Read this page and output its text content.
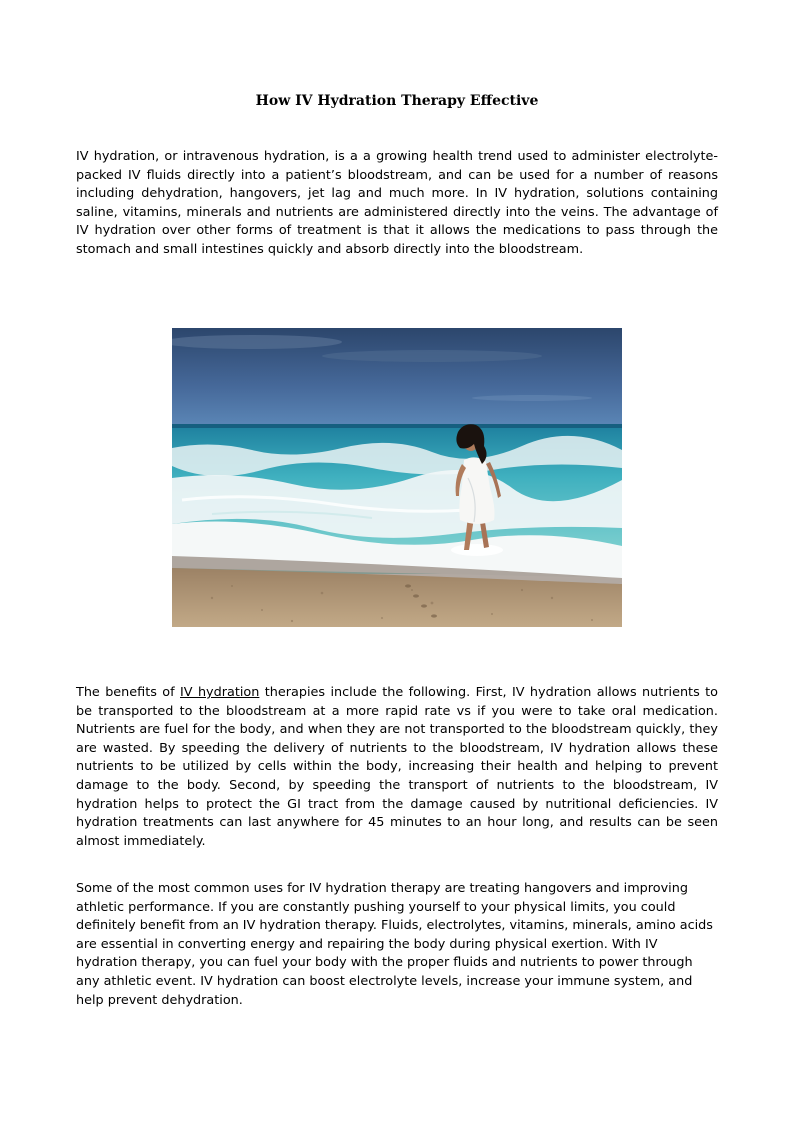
How IV Hydration Therapy Effective

IV hydration, or intravenous hydration, is a a growing health trend used to administer electrolyte-packed IV fluids directly into a patient’s bloodstream, and can be used for a number of reasons including dehydration, hangovers, jet lag and much more. In IV hydration, solutions containing saline, vitamins, minerals and nutrients are administered directly into the veins. The advantage of IV hydration over other forms of treatment is that it allows the medications to pass through the stomach and small intestines quickly and absorb directly into the bloodstream.

The benefits of IV hydration therapies include the following. First, IV hydration allows nutrients to be transported to the bloodstream at a more rapid rate vs if you were to take oral medication. Nutrients are fuel for the body, and when they are not transported to the bloodstream quickly, they are wasted. By speeding the delivery of nutrients to the bloodstream, IV hydration allows these nutrients to be utilized by cells within the body, increasing their health and helping to prevent damage to the body. Second, by speeding the transport of nutrients to the bloodstream, IV hydration helps to protect the GI tract from the damage caused by nutritional deficiencies. IV hydration treatments can last anywhere for 45 minutes to an hour long, and results can be seen almost immediately.

Some of the most common uses for IV hydration therapy are treating hangovers and improving athletic performance. If you are constantly pushing yourself to your physical limits, you could definitely benefit from an IV hydration therapy. Fluids, electrolytes, vitamins, minerals, amino acids are essential in converting energy and repairing the body during physical exertion. With IV hydration therapy, you can fuel your body with the proper fluids and nutrients to power through any athletic event. IV hydration can boost electrolyte levels, increase your immune system, and help prevent dehydration.
